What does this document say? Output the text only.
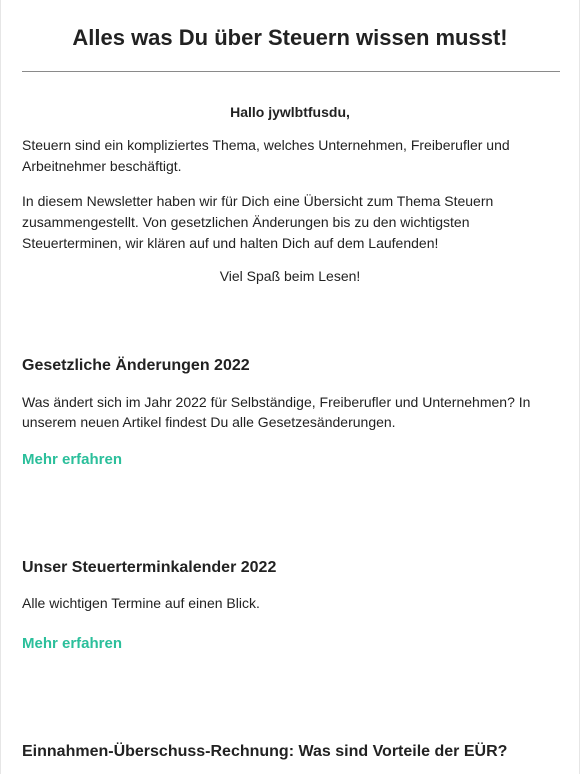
Alles was Du über Steuern wissen musst!
Hallo jywlbtfusdu,

Steuern sind ein kompliziertes Thema, welches Unternehmen, Freiberufler und Arbeitnehmer beschäftigt.

In diesem Newsletter haben wir für Dich eine Übersicht zum Thema Steuern zusammengestellt. Von gesetzlichen Änderungen bis zu den wichtigsten Steuerterminen, wir klären auf und halten Dich auf dem Laufenden!

Viel Spaß beim Lesen!
Gesetzliche Änderungen 2022

Was ändert sich im Jahr 2022 für Selbständige, Freiberufler und Unternehmen? In unserem neuen Artikel findest Du alle Gesetzesänderungen.

Mehr erfahren
Unser Steuerterminkalender 2022

Alle wichtigen Termine auf einen Blick.

Mehr erfahren
Einnahmen-Überschuss-Rechnung: Was sind Vorteile der EÜR?
